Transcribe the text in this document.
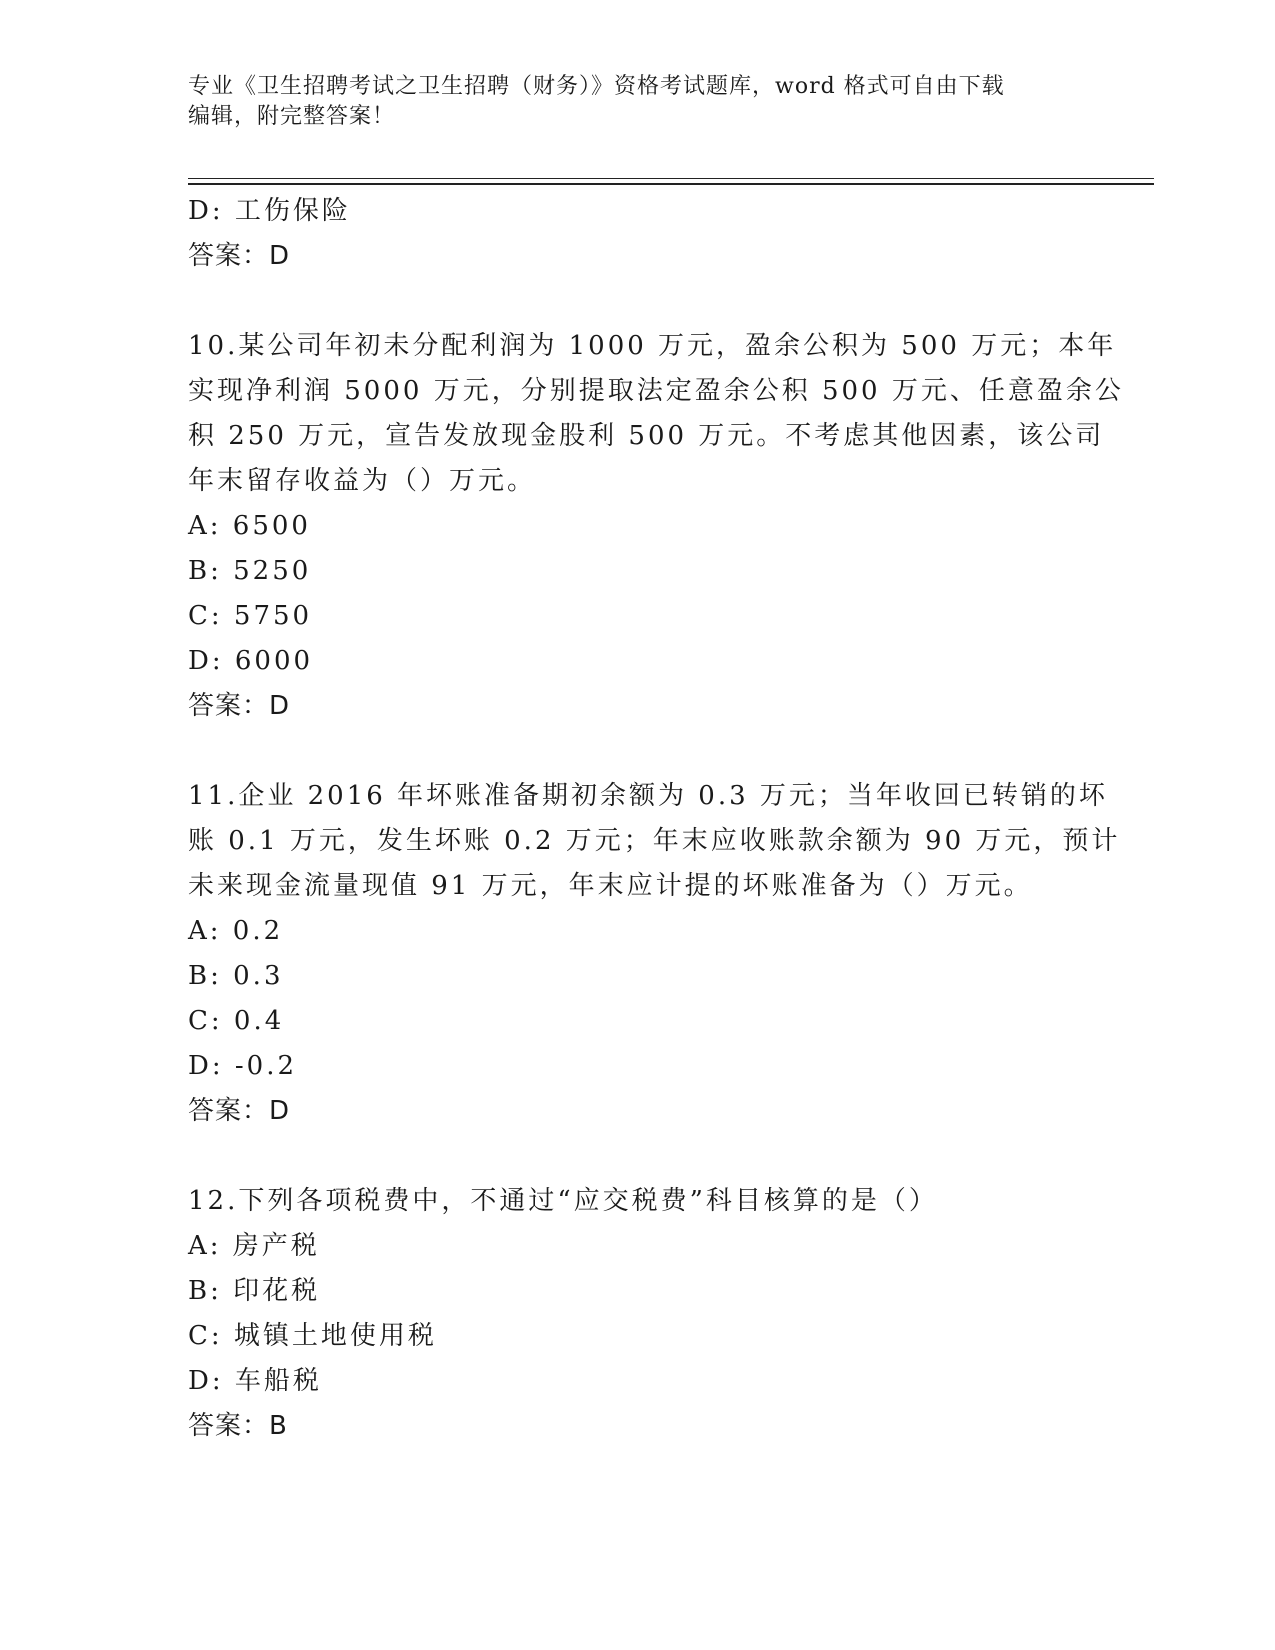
专业《卫生招聘考试之卫生招聘（财务）》资格考试题库，word 格式可自由下载
编辑，附完整答案！
D: 工伤保险
答案：D
10.某公司年初未分配利润为 1000 万元，盈余公积为 500 万元；本年
实现净利润 5000 万元，分别提取法定盈余公积 500 万元、任意盈余公
积 250 万元，宣告发放现金股利 500 万元。不考虑其他因素，该公司
年末留存收益为（）万元。
A: 6500
B: 5250
C: 5750
D: 6000
答案：D
11.企业 2016 年坏账准备期初余额为 0.3 万元；当年收回已转销的坏
账 0.1 万元，发生坏账 0.2 万元；年末应收账款余额为 90 万元，预计
未来现金流量现值 91 万元，年末应计提的坏账准备为（）万元。
A: 0.2
B: 0.3
C: 0.4
D: -0.2
答案：D
12.下列各项税费中，不通过“应交税费”科目核算的是（）
A: 房产税
B: 印花税
C: 城镇土地使用税
D: 车船税
答案：B
